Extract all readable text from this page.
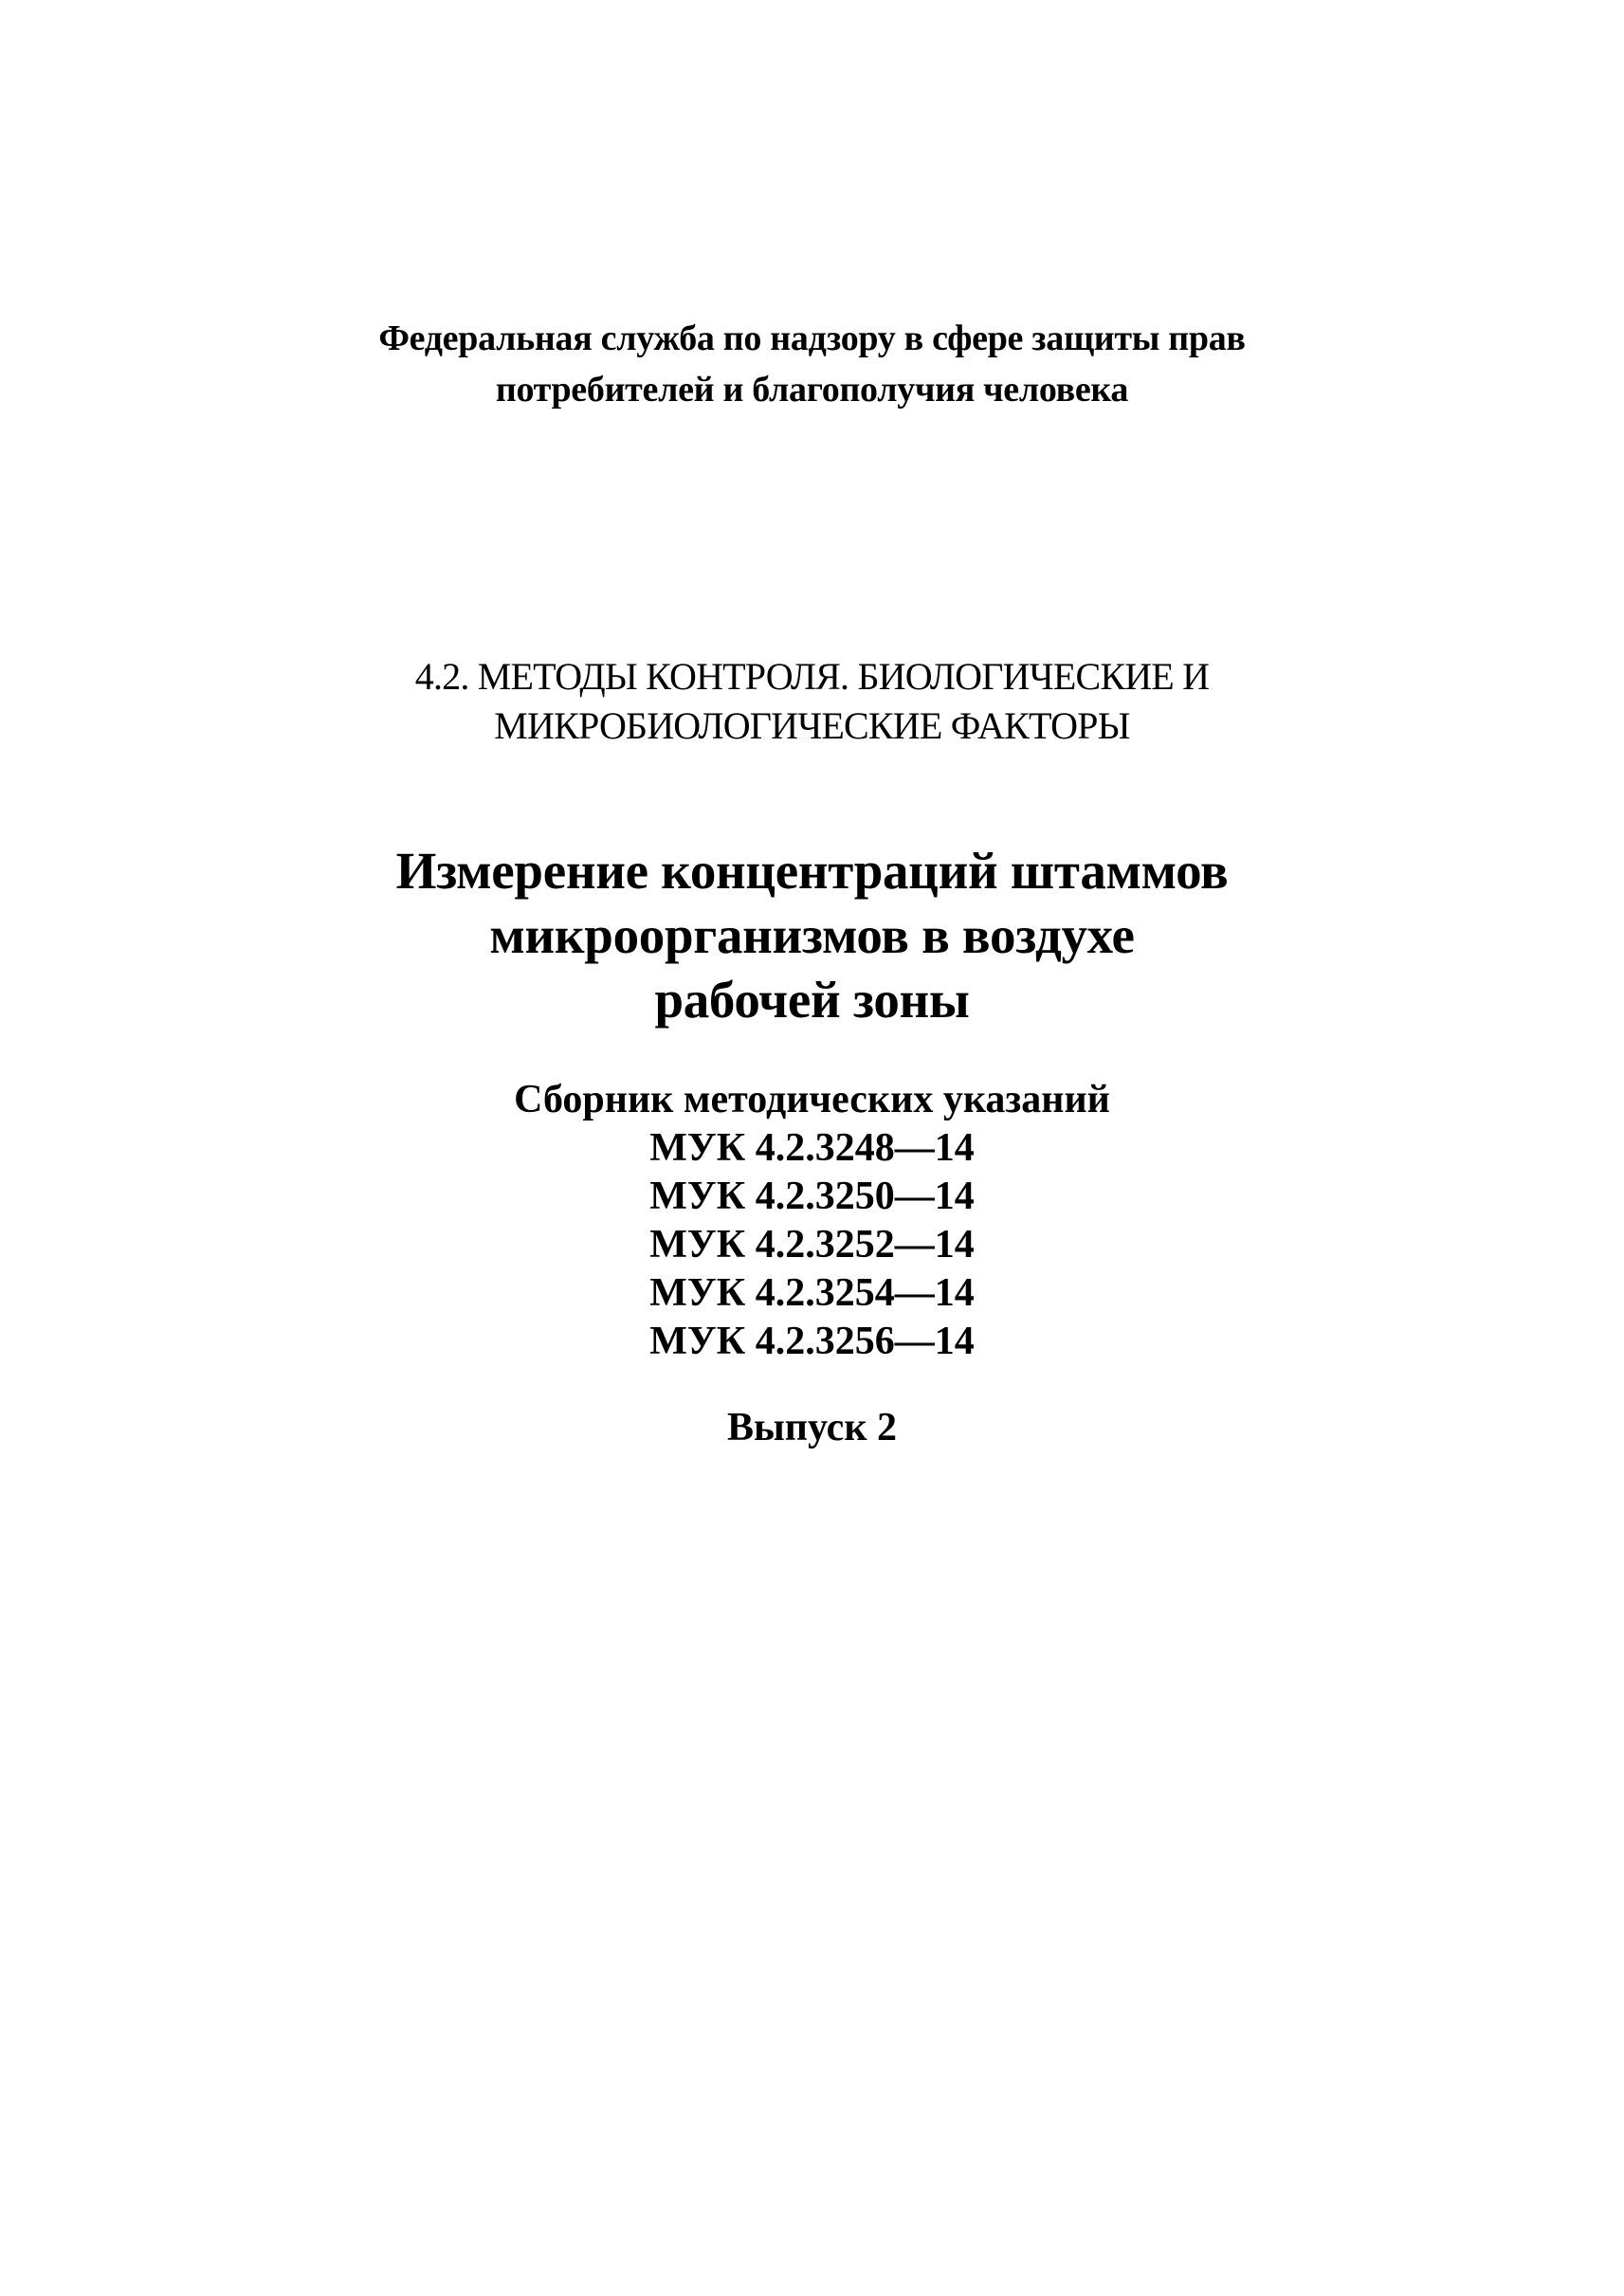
Федеральная служба по надзору в сфере защиты прав
потребителей и благополучия человека
4.2. МЕТОДЫ КОНТРОЛЯ. БИОЛОГИЧЕСКИЕ И
МИКРОБИОЛОГИЧЕСКИЕ ФАКТОРЫ
Измерение концентраций штаммов
микроорганизмов в воздухе
рабочей зоны
Сборник методических указаний
МУК 4.2.3248—14
МУК 4.2.3250—14
МУК 4.2.3252—14
МУК 4.2.3254—14
МУК 4.2.3256—14
Выпуск 2
